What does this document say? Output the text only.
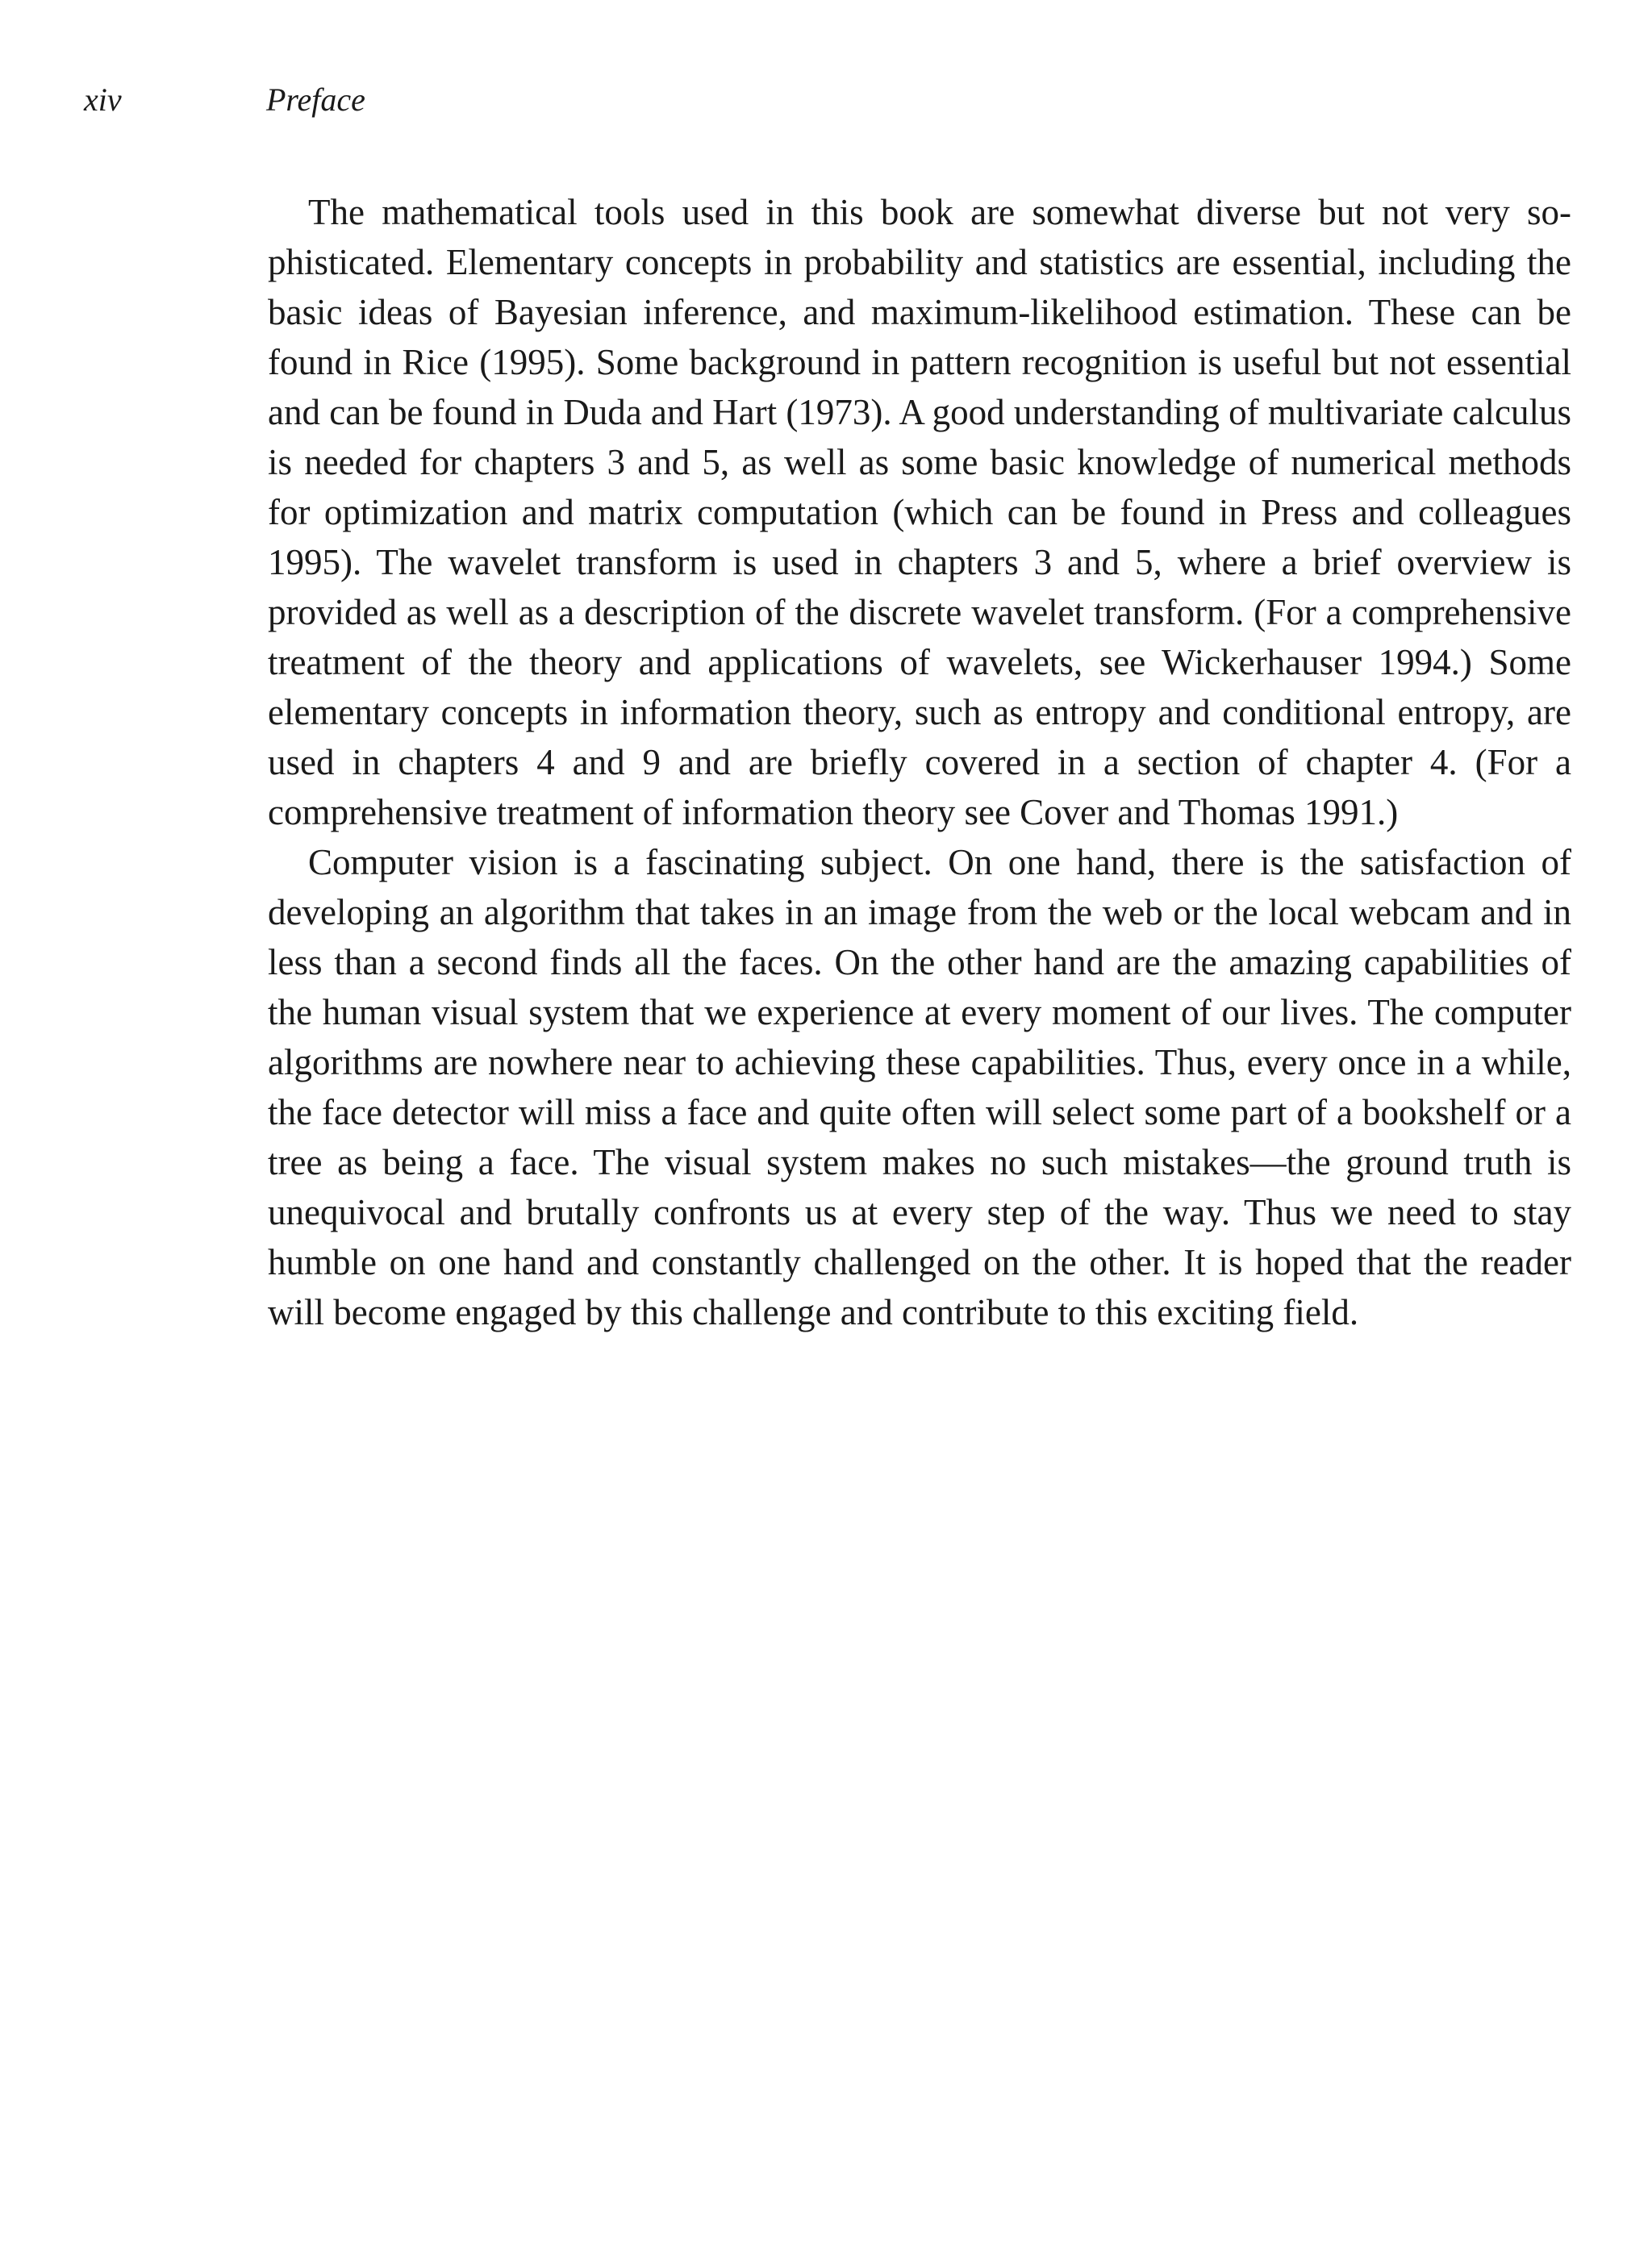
xiv	Preface

The mathematical tools used in this book are somewhat diverse but not very sophisticated. Elementary concepts in probability and statistics are essential, including the basic ideas of Bayesian inference, and maximum-likelihood estimation. These can be found in Rice (1995). Some background in pattern recognition is useful but not essential and can be found in Duda and Hart (1973). A good understanding of multivariate calculus is needed for chapters 3 and 5, as well as some basic knowledge of numerical methods for optimization and matrix computation (which can be found in Press and colleagues 1995). The wavelet transform is used in chapters 3 and 5, where a brief overview is provided as well as a description of the discrete wavelet transform. (For a comprehensive treatment of the theory and applications of wavelets, see Wickerhauser 1994.) Some elementary concepts in information theory, such as entropy and conditional entropy, are used in chapters 4 and 9 and are briefly covered in a section of chapter 4. (For a comprehensive treatment of information theory see Cover and Thomas 1991.)

Computer vision is a fascinating subject. On one hand, there is the satisfaction of developing an algorithm that takes in an image from the web or the local webcam and in less than a second finds all the faces. On the other hand are the amazing capabilities of the human visual system that we experience at every moment of our lives. The computer algorithms are nowhere near to achieving these capabilities. Thus, every once in a while, the face detector will miss a face and quite often will select some part of a bookshelf or a tree as being a face. The visual system makes no such mistakes—the ground truth is unequivocal and brutally confronts us at every step of the way. Thus we need to stay humble on one hand and constantly challenged on the other. It is hoped that the reader will become engaged by this challenge and contribute to this exciting field.
